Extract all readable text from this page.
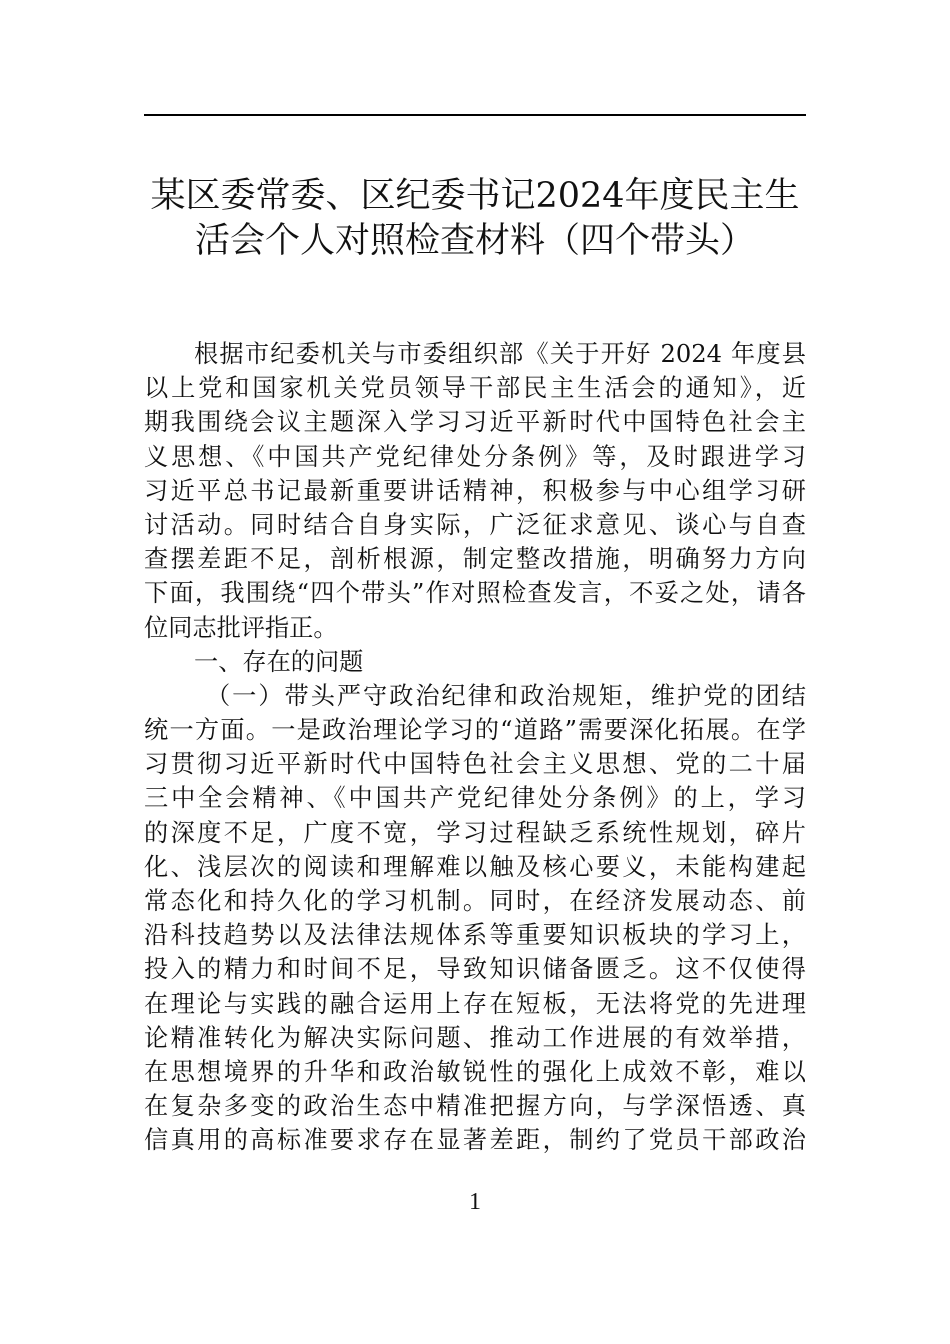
某区委常委、区纪委书记2024年度民主生
活会个人对照检查材料（四个带头）
根据市纪委机关与市委组织部《关于开好 2024 年度县
以上党和国家机关党员领导干部民主生活会的通知》，近
期我围绕会议主题深入学习习近平新时代中国特色社会主
义思想、《中国共产党纪律处分条例》等，及时跟进学习
习近平总书记最新重要讲话精神，积极参与中心组学习研
讨活动。同时结合自身实际，广泛征求意见、谈心与自查
查摆差距不足，剖析根源，制定整改措施，明确努力方向
下面，我围绕“四个带头”作对照检查发言，不妥之处，请各
位同志批评指正。
一、存在的问题
（一）带头严守政治纪律和政治规矩，维护党的团结
统一方面。一是政治理论学习的“道路”需要深化拓展。在学
习贯彻习近平新时代中国特色社会主义思想、党的二十届
三中全会精神、《中国共产党纪律处分条例》的上，学习
的深度不足，广度不宽，学习过程缺乏系统性规划，碎片
化、浅层次的阅读和理解难以触及核心要义，未能构建起
常态化和持久化的学习机制。同时，在经济发展动态、前
沿科技趋势以及法律法规体系等重要知识板块的学习上，
投入的精力和时间不足，导致知识储备匮乏。这不仅使得
在理论与实践的融合运用上存在短板，无法将党的先进理
论精准转化为解决实际问题、推动工作进展的有效举措，
在思想境界的升华和政治敏锐性的强化上成效不彰，难以
在复杂多变的政治生态中精准把握方向，与学深悟透、真
信真用的高标准要求存在显著差距，制约了党员干部政治
1
